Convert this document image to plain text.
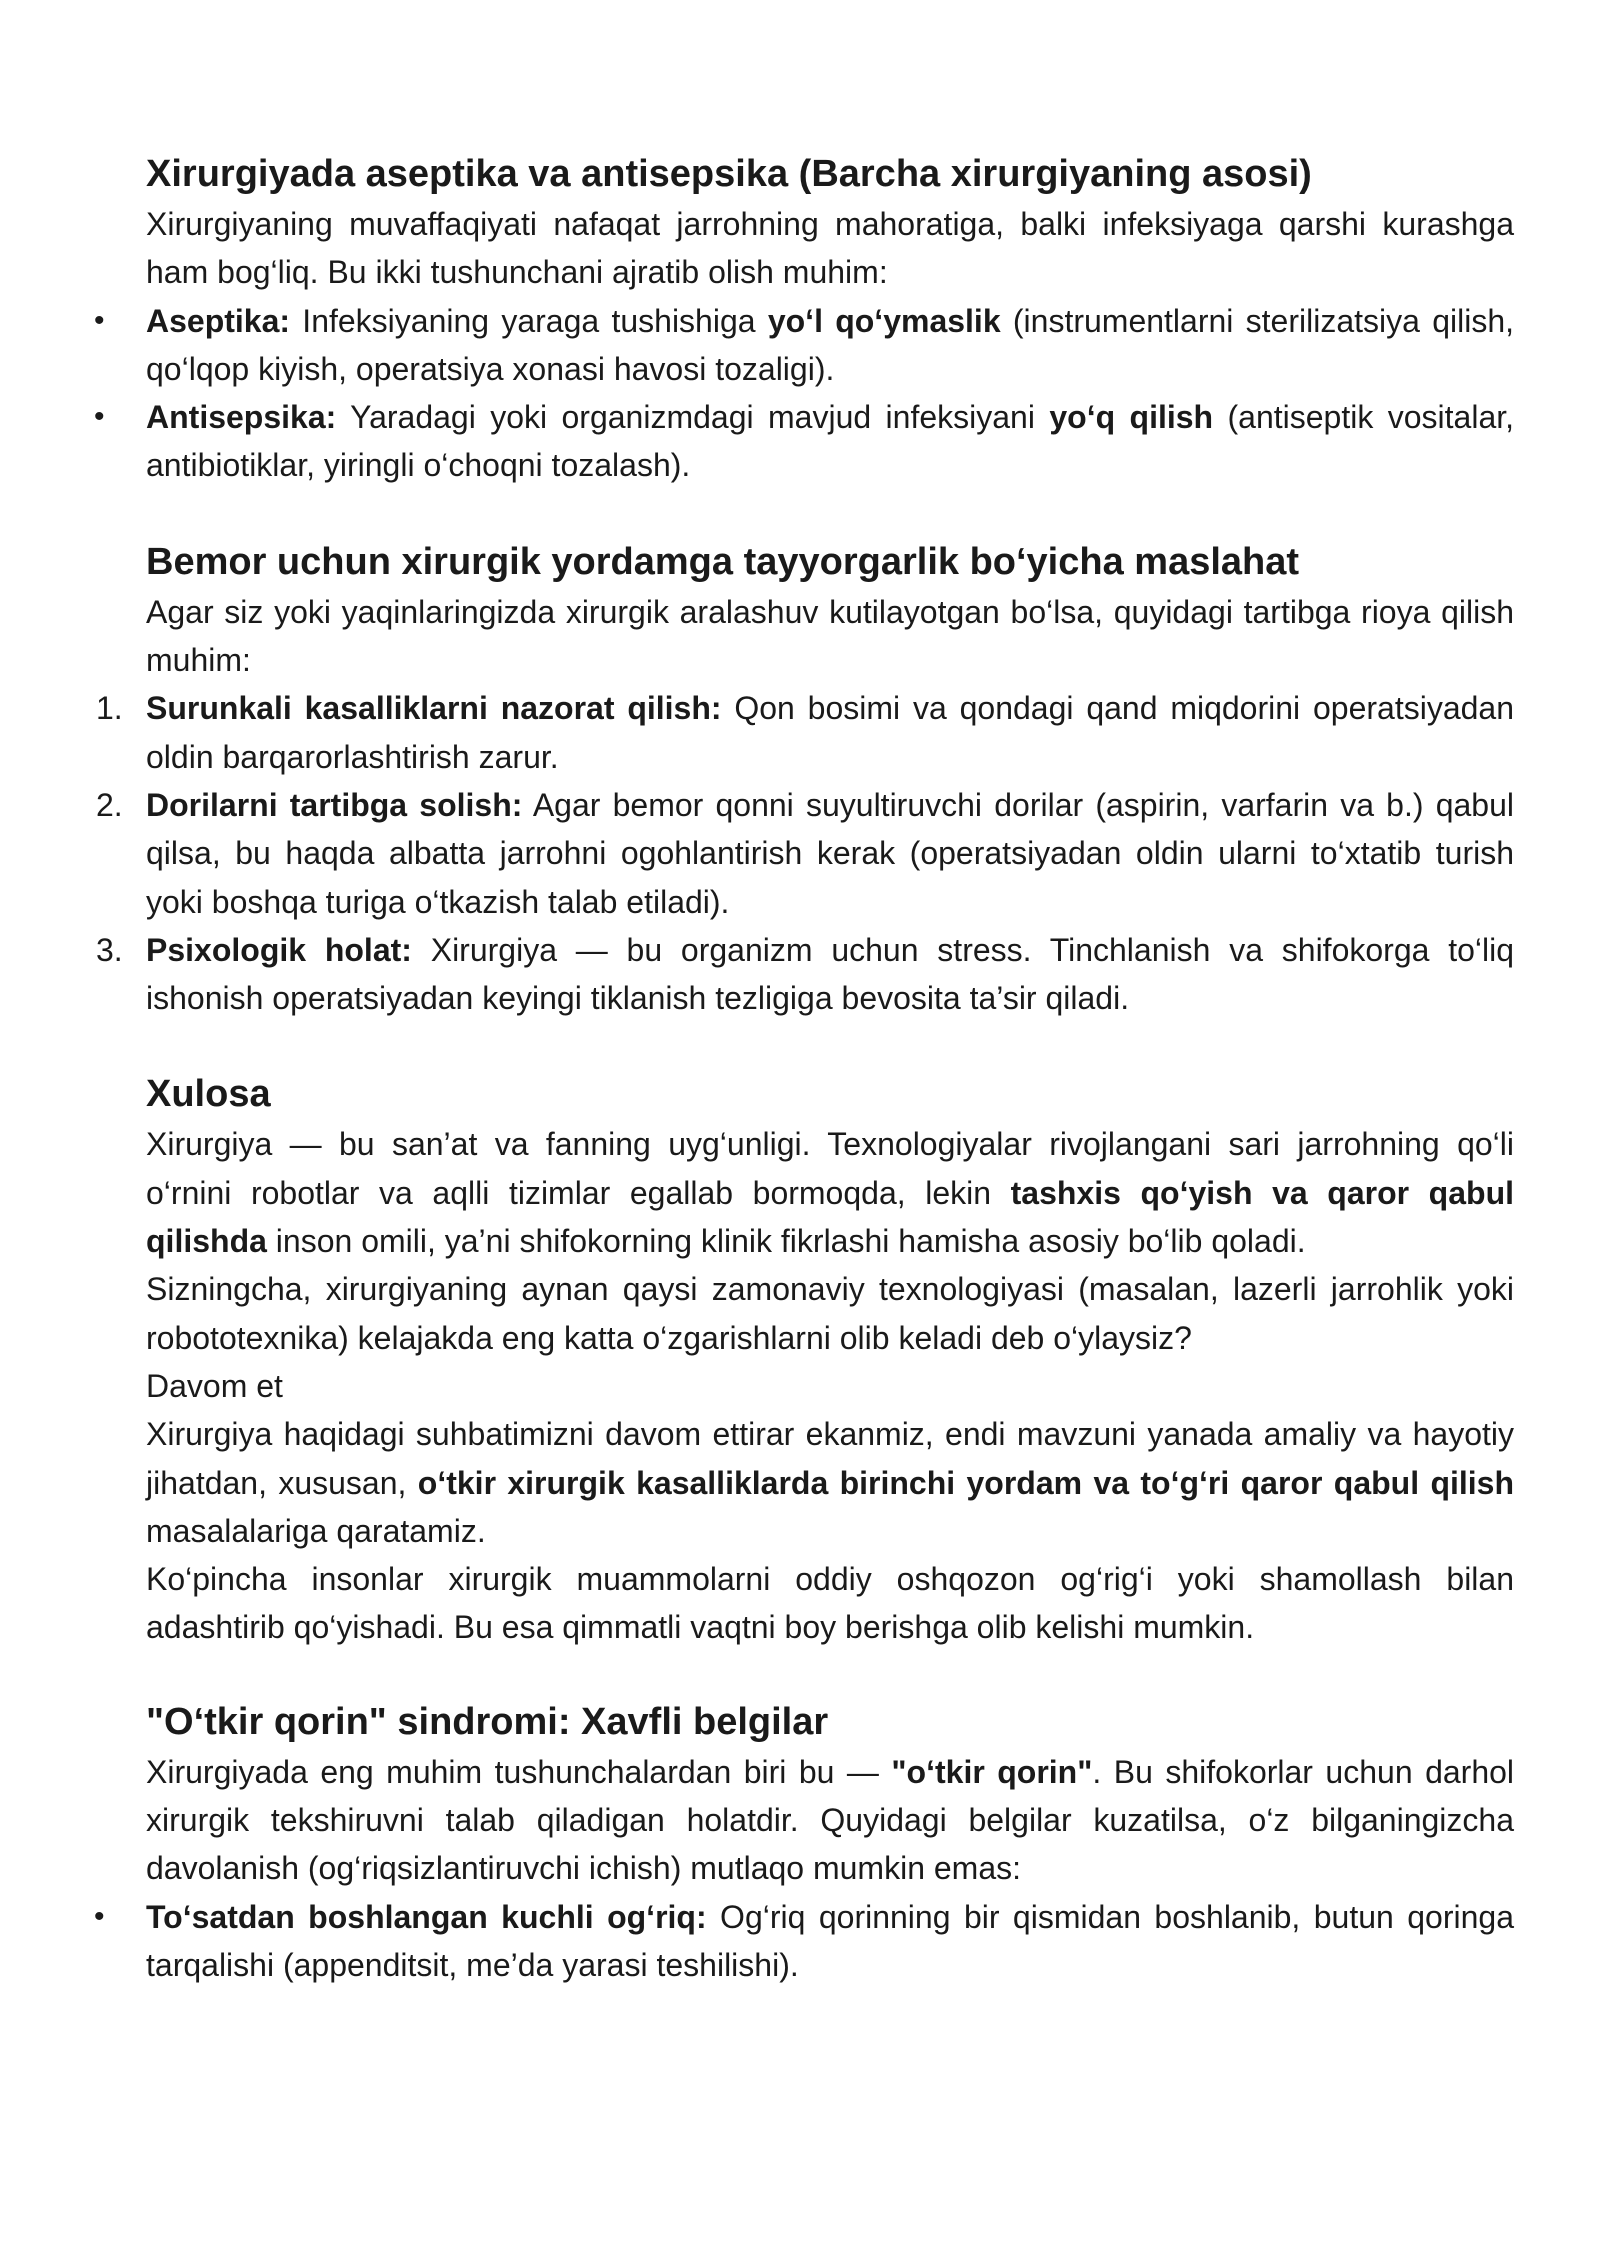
Xirurgiyada aseptika va antisepsika (Barcha xirurgiyaning asosi)

Xirurgiyaning muvaffaqiyati nafaqat jarrohning mahoratiga, balki infeksiyaga qarshi kurashga ham bog‘liq. Bu ikki tushunchani ajratib olish muhim:

•	Aseptika: Infeksiyaning yaraga tushishiga yo‘l qo‘ymaslik (instrumentlarni sterilizatsiya qilish, qo‘lqop kiyish, operatsiya xonasi havosi tozaligi).
•	Antisepsika: Yaradagi yoki organizmdagi mavjud infeksiyani yo‘q qilish (antiseptik vositalar, antibiotiklar, yiringli o‘choqni tozalash).
Bemor uchun xirurgik yordamga tayyorgarlik bo‘yicha maslahat

Agar siz yoki yaqinlaringizda xirurgik aralashuv kutilayotgan bo‘lsa, quyidagi tartibga rioya qilish muhim:

1. Surunkali kasalliklarni nazorat qilish: Qon bosimi va qondagi qand miqdorini operatsiyadan oldin barqarorlashtirish zarur.
2. Dorilarni tartibga solish: Agar bemor qonni suyultiruvchi dorilar (aspirin, varfarin va b.) qabul qilsa, bu haqda albatta jarrohni ogohlantirish kerak (operatsiyadan oldin ularni to‘xtatib turish yoki boshqa turiga o‘tkazish talab etiladi).
3. Psixologik holat: Xirurgiya — bu organizm uchun stress. Tinchlanish va shifokorga to‘liq ishonish operatsiyadan keyingi tiklanish tezligiga bevosita ta’sir qiladi.
Xulosa

Xirurgiya — bu san’at va fanning uyg‘unligi. Texnologiyalar rivojlangani sari jarrohning qo‘li o‘rnini robotlar va aqlli tizimlar egallab bormoqda, lekin tashxis qo‘yish va qaror qabul qilishda inson omili, ya’ni shifokorning klinik fikrlashi hamisha asosiy bo‘lib qoladi.

Sizningcha, xirurgiyaning aynan qaysi zamonaviy texnologiyasi (masalan, lazerli jarrohlik yoki robototexnika) kelajakda eng katta o‘zgarishlarni olib keladi deb o‘ylaysiz?

Davom et

Xirurgiya haqidagi suhbatimizni davom ettirar ekanmiz, endi mavzuni yanada amaliy va hayotiy jihatdan, xususan, o‘tkir xirurgik kasalliklarda birinchi yordam va to‘g‘ri qaror qabul qilish masalalariga qaratamiz.

Ko‘pincha insonlar xirurgik muammolarni oddiy oshqozon og‘rig‘i yoki shamollash bilan adashtirib qo‘yishadi. Bu esa qimmatli vaqtni boy berishga olib kelishi mumkin.

"O‘tkir qorin" sindromi: Xavfli belgilar

Xirurgiyada eng muhim tushunchalardan biri bu — "o‘tkir qorin". Bu shifokorlar uchun darhol xirurgik tekshiruvni talab qiladigan holatdir. Quyidagi belgilar kuzatilsa, o‘z bilganingizcha davolanish (og‘riqsizlantiruvchi ichish) mutlaqo mumkin emas:

•	To‘satdan boshlangan kuchli og‘riq: Og‘riq qorinning bir qismidan boshlanib, butun qoringa tarqalishi (appenditsit, me’da yarasi teshilishi).
